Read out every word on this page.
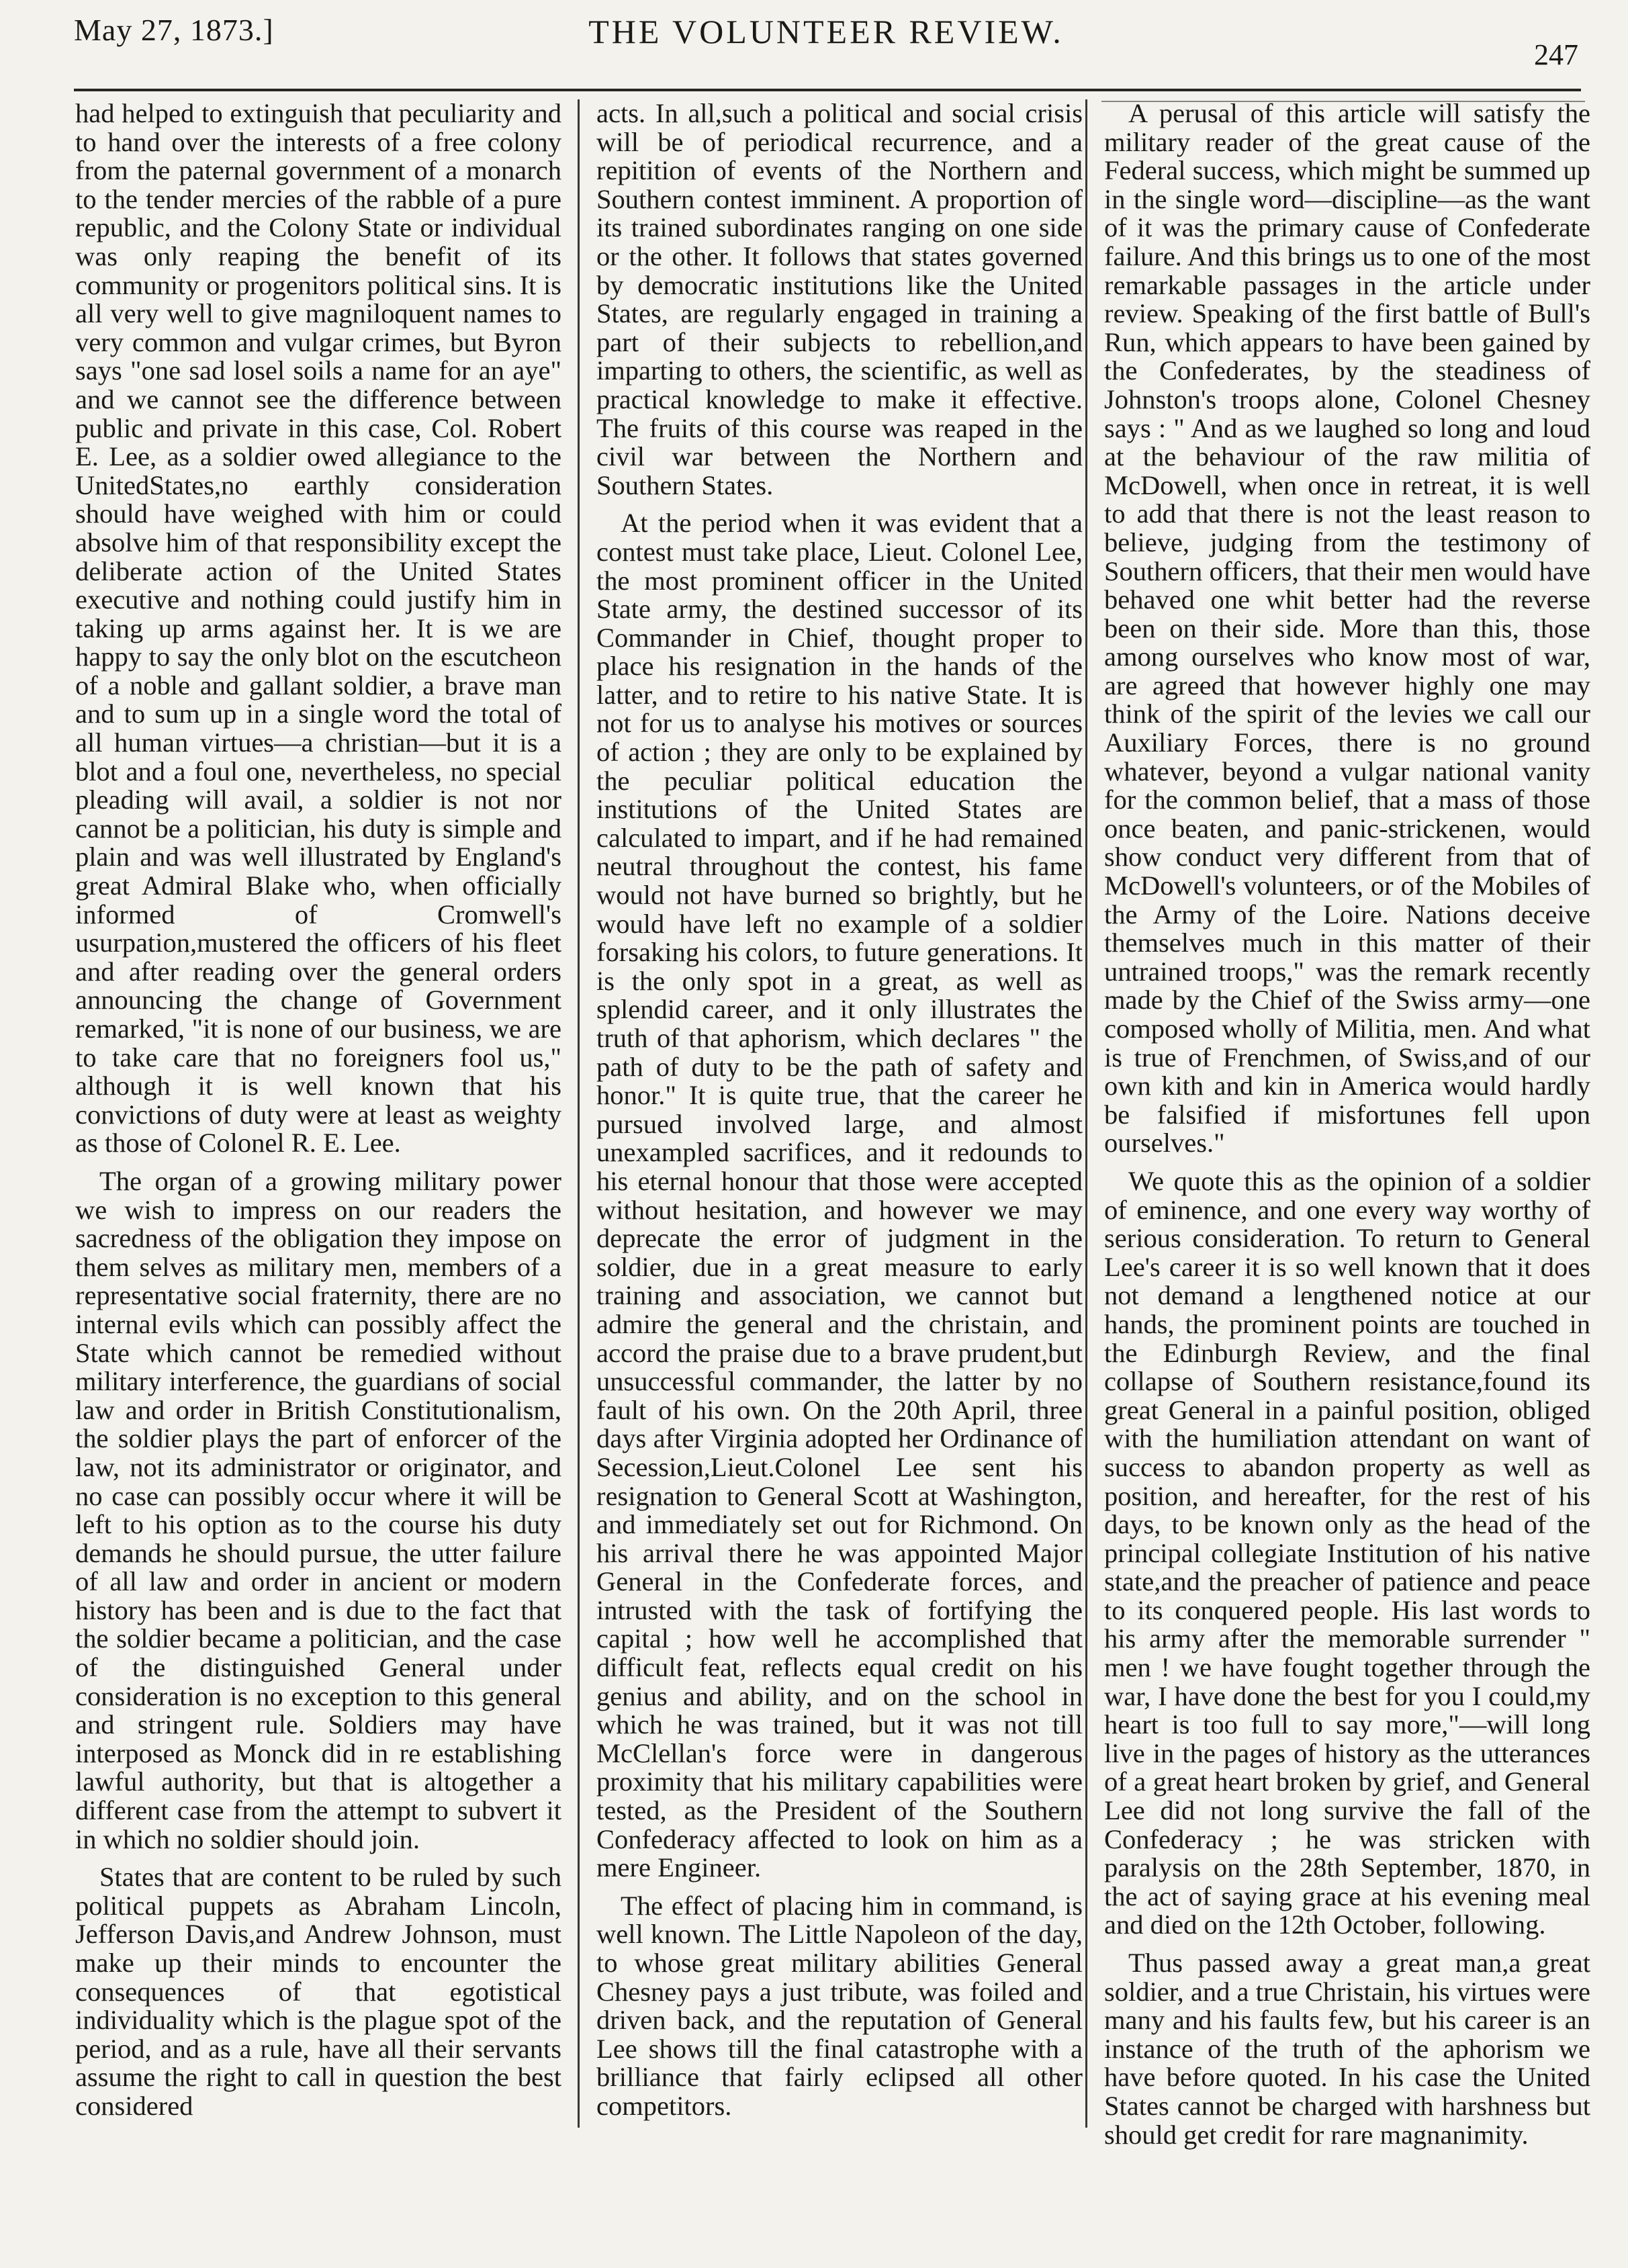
May 27, 1873.]	THE VOLUNTEER REVIEW.
247

had helped to extinguish that peculiarity and to hand over the interests of a free colony from the paternal government of a monarch to the tender mercies of the rabble of a pure republic, and the Colony State or individual was only reaping the benefit of its community or progenitors political sins. It is all very well to give magniloquent names to very common and vulgar crimes, but Byron says "one sad losel soils a name for an aye" and we cannot see the difference between public and private in this case, Col. Robert E. Lee, as a soldier owed allegiance to the UnitedStates,no earthly consideration should have weighed with him or could absolve him of that responsibility except the deliberate action of the United States executive and nothing could justify him in taking up arms against her. It is we are happy to say the only blot on the escutcheon of a noble and gallant soldier, a brave man and to sum up in a single word the total of all human virtues—a christian—but it is a blot and a foul one, nevertheless, no special pleading will avail, a soldier is not nor cannot be a politician, his duty is simple and plain and was well illustrated by England's great Admiral Blake who, when officially informed of Cromwell's usurpation,mustered the officers of his fleet and after reading over the general orders announcing the change of Government remarked, "it is none of our business, we are to take care that no foreigners fool us," although it is well known that his convictions of duty were at least as weighty as those of Colonel R. E. Lee.

The organ of a growing military power we wish to impress on our readers the sacredness of the obligation they impose on them selves as military men, members of a representative social fraternity, there are no internal evils which can possibly affect the State which cannot be remedied without military interference, the guardians of social law and order in British Constitutionalism, the soldier plays the part of enforcer of the law, not its administrator or originator, and no case can possibly occur where it will be left to his option as to the course his duty demands he should pursue, the utter failure of all law and order in ancient or modern history has been and is due to the fact that the soldier became a politician, and the case of the distinguished General under consideration is no exception to this general and stringent rule. Soldiers may have interposed as Monck did in re establishing lawful authority, but that is altogether a different case from the attempt to subvert it in which no soldier should join.

States that are content to be ruled by such political puppets as Abraham Lincoln, Jefferson Davis,and Andrew Johnson, must make up their minds to encounter the consequences of that egotistical individuality which is the plague spot of the period, and as a rule, have all their servants assume the right to call in question the best considered

acts. In all,such a political and social crisis will be of periodical recurrence, and a repitition of events of the Northern and Southern contest imminent. A proportion of its trained subordinates ranging on one side or the other. It follows that states governed by democratic institutions like the United States, are regularly engaged in training a part of their subjects to rebellion,and imparting to others, the scientific, as well as practical knowledge to make it effective. The fruits of this course was reaped in the civil war between the Northern and Southern States.

At the period when it was evident that a contest must take place, Lieut. Colonel Lee, the most prominent officer in the United State army, the destined successor of its Commander in Chief, thought proper to place his resignation in the hands of the latter, and to retire to his native State. It is not for us to analyse his motives or sources of action ; they are only to be explained by the peculiar political education the institutions of the United States are calculated to impart, and if he had remained neutral throughout the contest, his fame would not have burned so brightly, but he would have left no example of a soldier forsaking his colors, to future generations. It is the only spot in a great, as well as splendid career, and it only illustrates the truth of that aphorism, which declares " the path of duty to be the path of safety and honor." It is quite true, that the career he pursued involved large, and almost unexampled sacrifices, and it redounds to his eternal honour that those were accepted without hesitation, and however we may deprecate the error of judgment in the soldier, due in a great measure to early training and association, we cannot but admire the general and the christain, and accord the praise due to a brave prudent,but unsuccessful commander, the latter by no fault of his own. On the 20th April, three days after Virginia adopted her Ordinance of Secession,Lieut.Colonel Lee sent his resignation to General Scott at Washington, and immediately set out for Richmond. On his arrival there he was appointed Major General in the Confederate forces, and intrusted with the task of fortifying the capital ; how well he accomplished that difficult feat, reflects equal credit on his genius and ability, and on the school in which he was trained, but it was not till McClellan's force were in dangerous proximity that his military capabilities were tested, as the President of the Southern Confederacy affected to look on him as a mere Engineer.

The effect of placing him in command, is well known. The Little Napoleon of the day, to whose great military abilities General Chesney pays a just tribute, was foiled and driven back, and the reputation of General Lee shows till the final catastrophe with a brilliance that fairly eclipsed all other competitors.

A perusal of this article will satisfy the military reader of the great cause of the Federal success, which might be summed up in the single word—discipline—as the want of it was the primary cause of Confederate failure. And this brings us to one of the most remarkable passages in the article under review. Speaking of the first battle of Bull's Run, which appears to have been gained by the Confederates, by the steadiness of Johnston's troops alone, Colonel Chesney says : " And as we laughed so long and loud at the behaviour of the raw militia of McDowell, when once in retreat, it is well to add that there is not the least reason to believe, judging from the testimony of Southern officers, that their men would have behaved one whit better had the reverse been on their side. More than this, those among ourselves who know most of war, are agreed that however highly one may think of the spirit of the levies we call our Auxiliary Forces, there is no ground whatever, beyond a vulgar national vanity for the common belief, that a mass of those once beaten, and panic-strickenen, would show conduct very different from that of McDowell's volunteers, or of the Mobiles of the Army of the Loire. Nations deceive themselves much in this matter of their untrained troops," was the remark recently made by the Chief of the Swiss army—one composed wholly of Militia, men. And what is true of Frenchmen, of Swiss,and of our own kith and kin in America would hardly be falsified if misfortunes fell upon ourselves."

We quote this as the opinion of a soldier of eminence, and one every way worthy of serious consideration. To return to General Lee's career it is so well known that it does not demand a lengthened notice at our hands, the prominent points are touched in the Edinburgh Review, and the final collapse of Southern resistance,found its great General in a painful position, obliged with the humiliation attendant on want of success to abandon property as well as position, and hereafter, for the rest of his days, to be known only as the head of the principal collegiate Institution of his native state,and the preacher of patience and peace to its conquered people. His last words to his army after the memorable surrender " men ! we have fought together through the war, I have done the best for you I could,my heart is too full to say more,"—will long live in the pages of history as the utterances of a great heart broken by grief, and General Lee did not long survive the fall of the Confederacy ; he was stricken with paralysis on the 28th September, 1870, in the act of saying grace at his evening meal and died on the 12th October, following.

Thus passed away a great man,a great soldier, and a true Christain, his virtues were many and his faults few, but his career is an instance of the truth of the aphorism we have before quoted. In his case the United States cannot be charged with harshness but should get credit for rare magnanimity.
